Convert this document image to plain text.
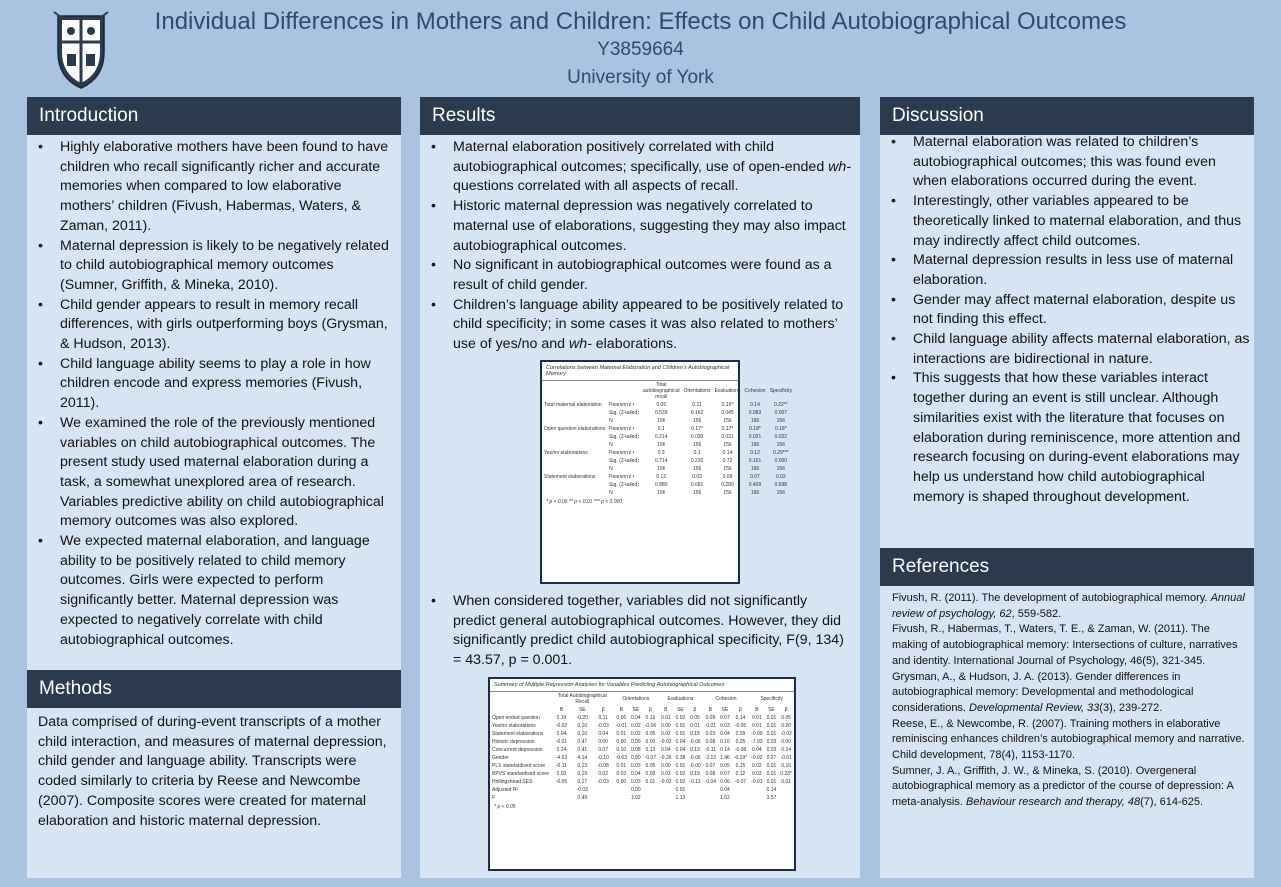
Individual Differences in Mothers and Children: Effects on Child Autobiographical Outcomes
Y3859664
University of York
Introduction
• Highly elaborative mothers have been found to have children who recall significantly richer and accurate memories when compared to low elaborative mothers’ children (Fivush, Habermas, Waters, & Zaman, 2011).
• Maternal depression is likely to be negatively related to child autobiographical memory outcomes (Sumner, Griffith, & Mineka, 2010).
• Child gender appears to result in memory recall differences, with girls outperforming boys (Grysman, & Hudson, 2013).
• Child language ability seems to play a role in how children encode and express memories (Fivush, 2011).
• We examined the role of the previously mentioned variables on child autobiographical outcomes. The present study used maternal elaboration during a task, a somewhat unexplored area of research. Variables predictive ability on child autobiographical memory outcomes was also explored.
• We expected maternal elaboration, and language ability to be positively related to child memory outcomes. Girls were expected to perform significantly better. Maternal depression was expected to negatively correlate with child autobiographical outcomes.
Methods
Data comprised of during-event transcripts of a mother child interaction, and measures of maternal depression, child gender and language ability. Transcripts were coded similarly to criteria by Reese and Newcombe (2007). Composite scores were created for maternal elaboration and historic maternal depression.
Results
• Maternal elaboration positively correlated with child autobiographical outcomes; specifically, use of open-ended wh- questions correlated with all aspects of recall.
• Historic maternal depression was negatively correlated to maternal use of elaborations, suggesting they may also impact autobiographical outcomes.
• No significant in autobiographical outcomes were found as a result of child gender.
• Children’s language ability appeared to be positively related to child specificity; in some cases it was also related to mothers’ use of yes/no and wh- elaborations.
Correlations between Maternal Elaboration and Children’s Autobiographical Memory
		Total autobiographical recall	Orientations	Evaluations	Cohesion	Specificity
Total maternal elaboration	Pearson's r	0.05	0.11	0.16*	0.14	0.22**
	Sig. (2-tailed)	0.539	0.162	0.045	0.083	0.007
	N	156	156	156	156	156
Open question elaborations	Pearson's r	0.1	0.17*	0.17*	0.18*	0.18*
	Sig. (2-tailed)	0.214	0.030	0.031	0.021	0.022
	N	156	156	156	156	156
Yes/no elaborations	Pearson's r	0.3	0.1	0.14	0.12	0.29***
	Sig. (2-tailed)	0.714	0.220	0.72	0.151	0.000
	N	156	156	156	156	156
Statement elaborations	Pearson's r	0.12	0.03	0.09	0.07	0.03
	Sig. (2-tailed)	0.880	0.681	0.280	0.409	0.698
	N	156	156	156	156	156
* p < 0.05 ** p < 0.01 *** p < 0.000
• When considered together, variables did not significantly predict general autobiographical outcomes. However, they did significantly predict child autobiographical specificity, F(9, 134) = 43.57, p = 0.001.
Summary of Multiple Regression Analyses for Variables Predicting Autobiographical Outcomes
	Total Autobiographical Recall			Orientations			Evaluations			Cohesion			Specificity		
	B	SE	β	B	SE	β	B	SE	β	B	SE	β	B	SE	β
Open ended question	0.19	-0.20	0.11	0.06	0.04	0.19	0.01	0.02	0.05	0.09	0.07	0.14	0.01	0.01	0.05
Yes/no elaborations	-0.02	0.10	-0.03	-0.01	0.02	-0.06	0.00	0.01	0.01	-0.01	0.03	-0.05	0.01	0.01	0.20
Statement elaborations	0.04	0.10	0.04	0.01	0.02	0.05	0.02	0.01	0.18	0.03	0.04	0.09	-0.00	0.01	-0.02
Historic depression	-0.01	0.47	0.00	0.00	0.09	0.00	-0.02	0.04	-0.06	0.08	0.16	0.05	-7.93	0.03	0.00
Concurrent depression	0.24	0.41	0.07	0.10	0.08	0.13	0.04	0.04	0.13	-0.11	0.14	-0.08	0.04	0.03	0.14
Gender	-4.63	4.14	-0.10	-0.63	0.80	-0.07	-0.26	0.38	-0.06	-3.13	1.46	-0.19*	-0.02	0.27	-0.01
PLS standardised score	-0.11	0.13	-0.08	0.01	0.03	0.05	0.00	0.01	-0.00	0.07	0.05	0.15	0.02	0.01	0.16
BPVS standardised score	0.03	0.19	0.02	0.03	0.04	0.09	0.03	0.02	0.19	0.08	0.07	0.12	0.03	0.01	0.23*
Hollingshead SES	-0.05	0.17	-0.03	0.00	0.03	0.01	-0.02	0.02	-0.11	-0.04	0.06	-0.07	-0.01	0.01	0.01
Adjusted R²		-0.03			0.00			0.01			0.04			0.14	
F		0.49			1.02			1.13			1.62			3.57	
* p < 0.05
Discussion
• Maternal elaboration was related to children’s autobiographical outcomes; this was found even when elaborations occurred during the event.
• Interestingly, other variables appeared to be theoretically linked to maternal elaboration, and thus may indirectly affect child outcomes.
• Maternal depression results in less use of maternal elaboration.
• Gender may affect maternal elaboration, despite us not finding this effect.
• Child language ability affects maternal elaboration, as interactions are bidirectional in nature.
• This suggests that how these variables interact together during an event is still unclear. Although similarities exist with the literature that focuses on elaboration during reminiscence, more attention and research focusing on during-event elaborations may help us understand how child autobiographical memory is shaped throughout development.
References

Fivush, R. (2011). The development of autobiographical memory. Annual review of psychology, 62, 559-582.

Fivush, R., Habermas, T., Waters, T. E., & Zaman, W. (2011). The making of autobiographical memory: Intersections of culture, narratives and identity. International Journal of Psychology, 46(5), 321-345.

Grysman, A., & Hudson, J. A. (2013). Gender differences in autobiographical memory: Developmental and methodological considerations. Developmental Review, 33(3), 239-272.

Reese, E., & Newcombe, R. (2007). Training mothers in elaborative reminiscing enhances children’s autobiographical memory and narrative. Child development, 78(4), 1153-1170.

Sumner, J. A., Griffith, J. W., & Mineka, S. (2010). Overgeneral autobiographical memory as a predictor of the course of depression: A meta-analysis. Behaviour research and therapy, 48(7), 614-625.
